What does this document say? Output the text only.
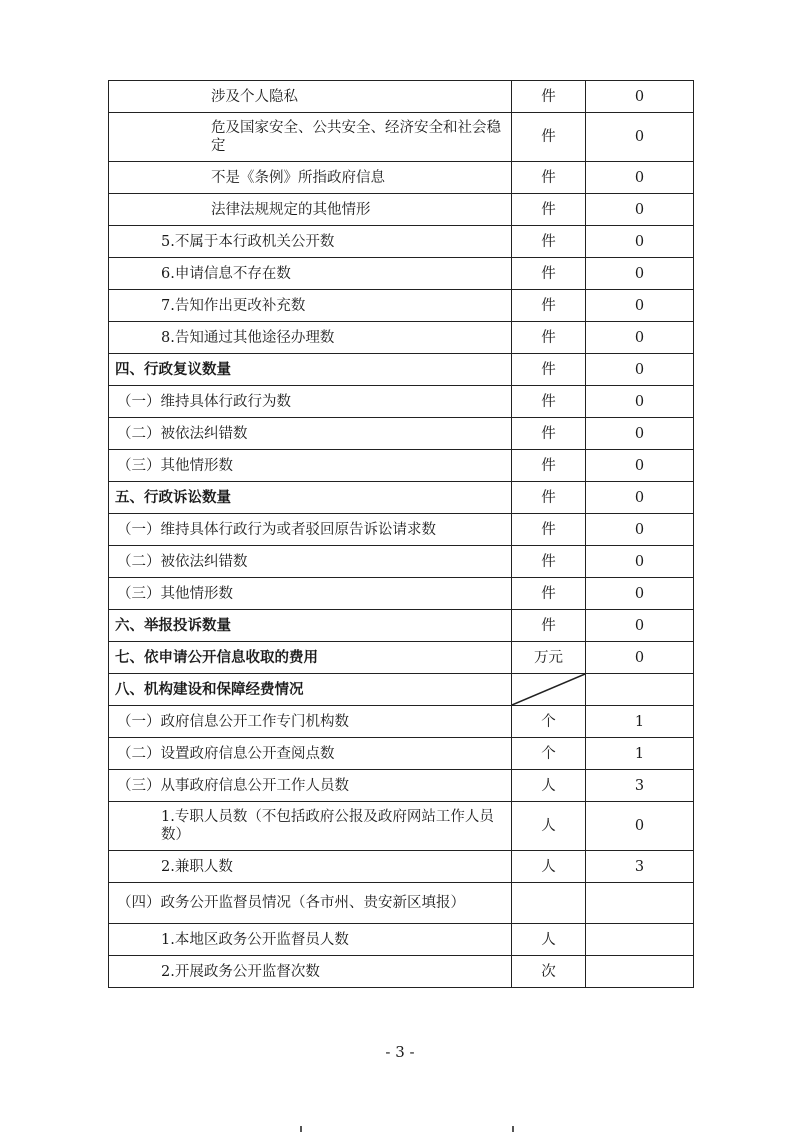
涉及个人隐私	件	0
危及国家安全、公共安全、经济安全和社会稳定	件	0
不是《条例》所指政府信息	件	0
法律法规规定的其他情形	件	0
5.不属于本行政机关公开数	件	0
6.申请信息不存在数	件	0
7.告知作出更改补充数	件	0
8.告知通过其他途径办理数	件	0
四、行政复议数量	件	0
（一）维持具体行政行为数	件	0
（二）被依法纠错数	件	0
（三）其他情形数	件	0
五、行政诉讼数量	件	0
（一）维持具体行政行为或者驳回原告诉讼请求数	件	0
（二）被依法纠错数	件	0
（三）其他情形数	件	0
六、举报投诉数量	件	0
七、依申请公开信息收取的费用	万元	0
八、机构建设和保障经费情况	

（一）政府信息公开工作专门机构数	个	1
（二）设置政府信息公开查阅点数	个	1
（三）从事政府信息公开工作人员数	人	3
1.专职人员数（不包括政府公报及政府网站工作人员数）	人	0
2.兼职人数	人	3
（四）政务公开监督员情况（各市州、贵安新区填报）		
1.本地区政务公开监督员人数	人	
2.开展政务公开监督次数	次	
- 3 -
